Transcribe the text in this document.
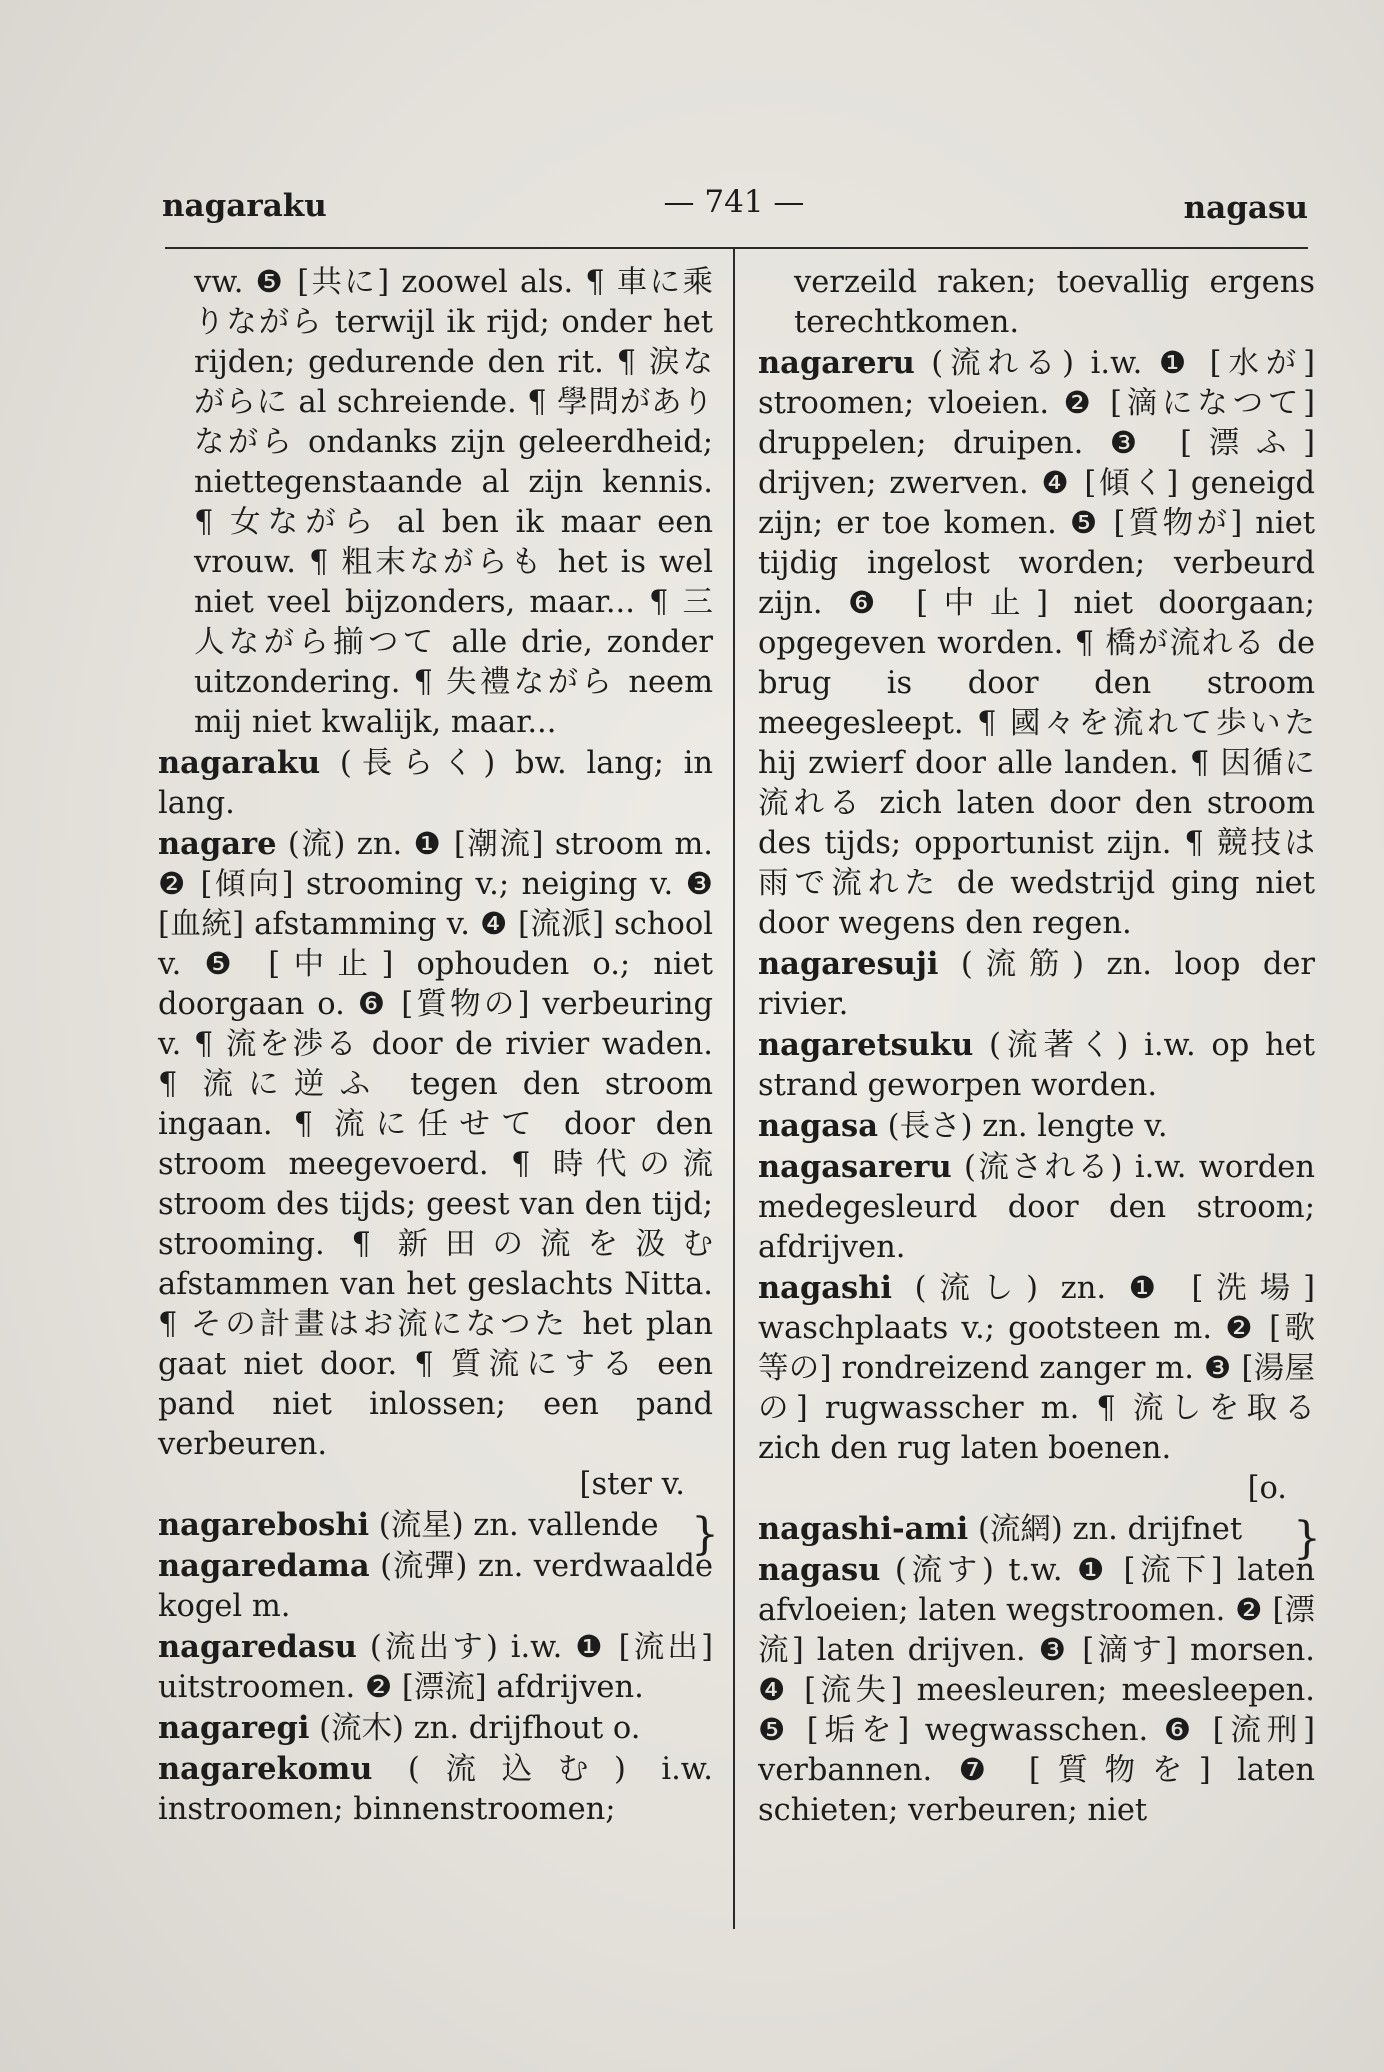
nagaraku	— 741 —	nagasu

vw. ❺ [共に] zoowel als. ¶ 車に乘りながら terwijl ik rijd; onder het rijden; gedurende den rit. ¶ 涙ながらに al schreiende. ¶ 學問がありながら ondanks zijn geleerdheid; niettegenstaande al zijn kennis. ¶ 女ながら al ben ik maar een vrouw. ¶ 粗末ながらも het is wel niet veel bijzonders, maar... ¶ 三人ながら揃つて alle drie, zonder uitzondering. ¶ 失禮ながら neem mij niet kwalijk, maar...

nagaraku (長らく) bw. lang; in lang.

nagare (流) zn. ❶ [潮流] stroom m. ❷ [傾向] strooming v.; neiging v. ❸ [血統] afstamming v. ❹ [流派] school v. ❺ [中止] ophouden o.; niet doorgaan o. ❻ [質物の] verbeuring v. ¶ 流を渉る door de rivier waden. ¶ 流に逆ふ tegen den stroom ingaan. ¶ 流に任せて door den stroom meegevoerd. ¶ 時代の流 stroom des tijds; geest van den tijd; strooming. ¶ 新田の流を汲む afstammen van het geslachts Nitta. ¶ その計畫はお流になつた het plan gaat niet door. ¶ 質流にする een pand niet inlossen; een pand verbeuren.

[ster v.

nagareboshi (流星) zn. vallende }

nagaredama (流彈) zn. verdwaalde kogel m.

nagaredasu (流出す) i.w. ❶ [流出] uitstroomen. ❷ [漂流] afdrijven.

nagaregi (流木) zn. drijfhout o.

nagarekomu (流込む) i.w. instroomen; binnenstroomen;

verzeild raken; toevallig ergens terechtkomen.

nagareru (流れる) i.w. ❶ [水が] stroomen; vloeien. ❷ [滴になつて] druppelen; druipen. ❸ [漂ふ] drijven; zwerven. ❹ [傾く] geneigd zijn; er toe komen. ❺ [質物が] niet tijdig ingelost worden; verbeurd zijn. ❻ [中止] niet doorgaan; opgegeven worden. ¶ 橋が流れる de brug is door den stroom meegesleept. ¶ 國々を流れて歩いた hij zwierf door alle landen. ¶ 因循に流れる zich laten door den stroom des tijds; opportunist zijn. ¶ 競技は雨で流れた de wedstrijd ging niet door wegens den regen.

nagaresuji (流筋) zn. loop der rivier.

nagaretsuku (流著く) i.w. op het strand geworpen worden.

nagasa (長さ) zn. lengte v.

nagasareru (流される) i.w. worden medegesleurd door den stroom; afdrijven.

nagashi (流し) zn. ❶ [洗場] waschplaats v.; gootsteen m. ❷ [歌等の] rondreizend zanger m. ❸ [湯屋の] rugwasscher m. ¶ 流しを取る zich den rug laten boenen.

[o.

nagashi-ami (流網) zn. drijfnet }

nagasu (流す) t.w. ❶ [流下] laten afvloeien; laten wegstroomen. ❷ [漂流] laten drijven. ❸ [滴す] morsen. ❹ [流失] meesleuren; meesleepen. ❺ [垢を] wegwasschen. ❻ [流刑] verbannen. ❼ [質物を] laten schieten; verbeuren; niet
